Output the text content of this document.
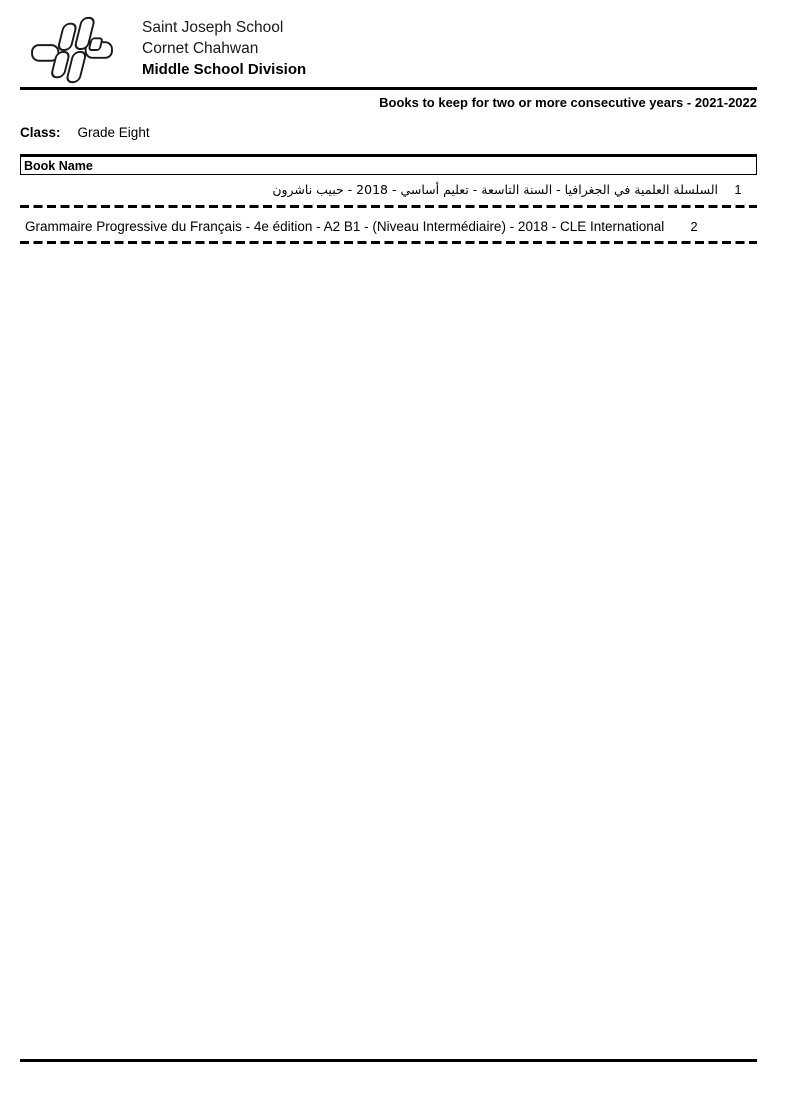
Saint Joseph School
Cornet Chahwan
Middle School Division
Books to keep for two or more consecutive years - 2021-2022
Class: Grade Eight
Book Name
السلسلة العلمية في الجغرافيا - السنة التاسعة - تعليم أساسي - 2018 - حبيب ناشرون	1
Grammaire Progressive du Français - 4e édition - A2 B1 - (Niveau Intermédiaire) - 2018 - CLE International	2
